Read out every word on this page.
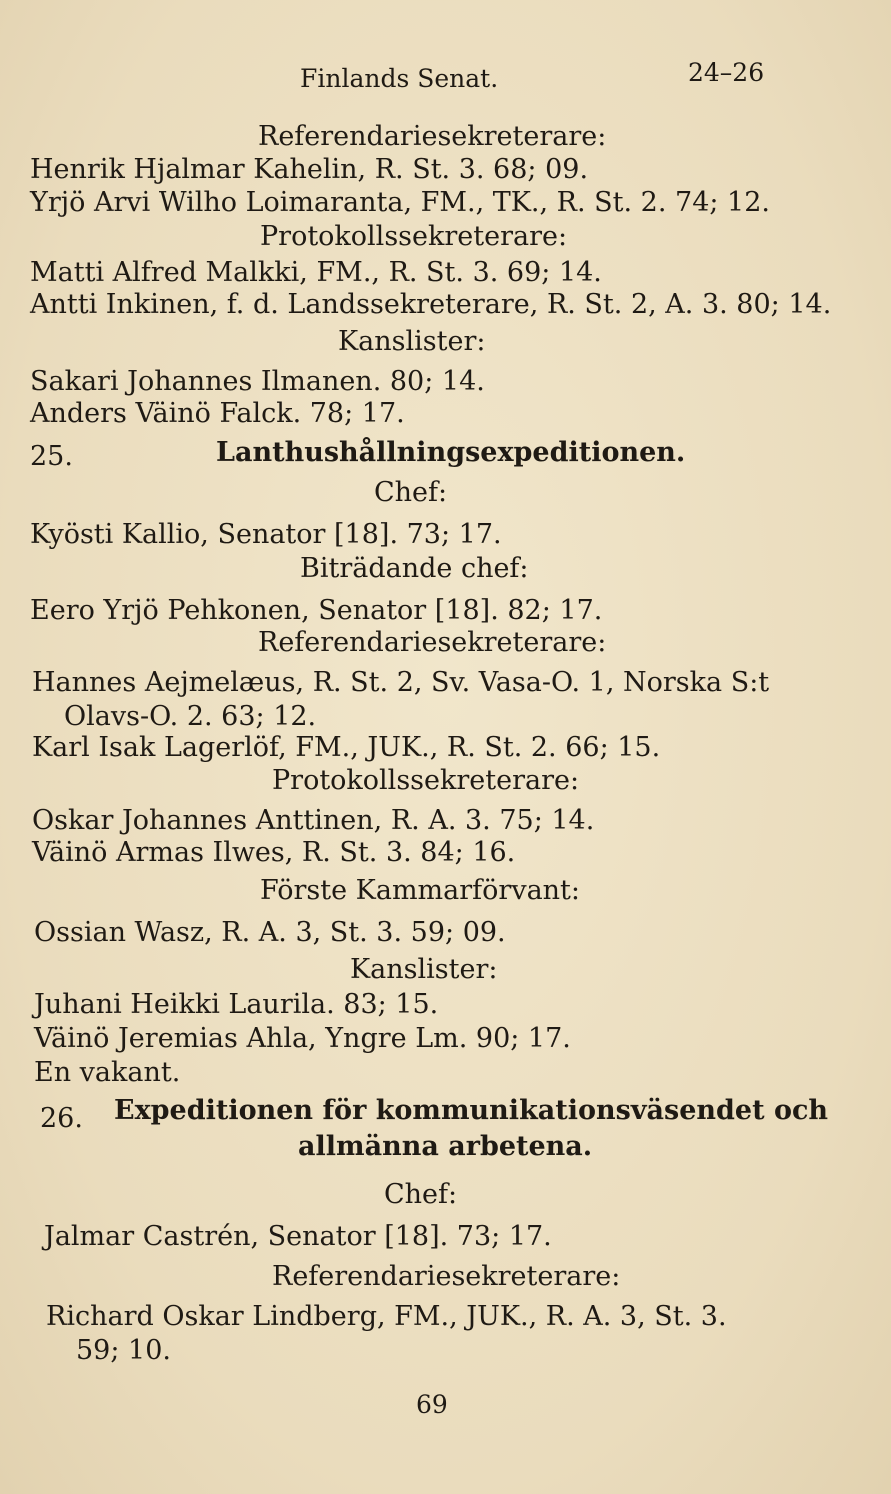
Finlands Senat.	24–26
Referendariesekreterare:
Henrik Hjalmar Kahelin, R. St. 3. 68; 09.
Yrjö Arvi Wilho Loimaranta, FM., TK., R. St. 2. 74; 12.
Protokollssekreterare:
Matti Alfred Malkki, FM., R. St. 3. 69; 14.
Antti Inkinen, f. d. Landssekreterare, R. St. 2, A. 3. 80; 14.
Kanslister:
Sakari Johannes Ilmanen. 80; 14.
Anders Väinö Falck. 78; 17.
25.	Lanthushållningsexpeditionen.
Chef:
Kyösti Kallio, Senator [18]. 73; 17.
Biträdande chef:
Eero Yrjö Pehkonen, Senator [18]. 82; 17.
Referendariesekreterare:
Hannes Aejmelæus, R. St. 2, Sv. Vasa-O. 1, Norska S:t
Olavs-O. 2. 63; 12.
Karl Isak Lagerlöf, FM., JUK., R. St. 2. 66; 15.
Protokollssekreterare:
Oskar Johannes Anttinen, R. A. 3. 75; 14.
Väinö Armas Ilwes, R. St. 3. 84; 16.
Förste Kammarförvant:
Ossian Wasz, R. A. 3, St. 3. 59; 09.
Kanslister:
Juhani Heikki Laurila. 83; 15.
Väinö Jeremias Ahla, Yngre Lm. 90; 17.
En vakant.
26. Expeditionen för kommunikationsväsendet och
allmänna arbetena.
Chef:
Jalmar Castrén, Senator [18]. 73; 17.
Referendariesekreterare:
Richard Oskar Lindberg, FM., JUK., R. A. 3, St. 3.
59; 10.
69
